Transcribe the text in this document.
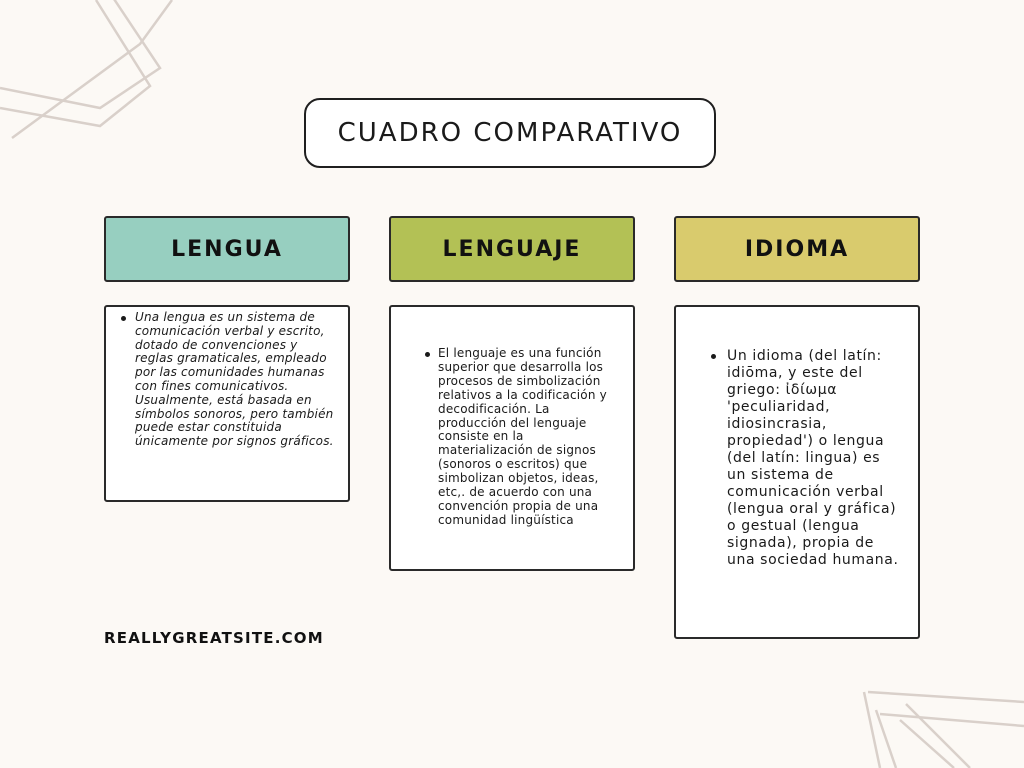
CUADRO COMPARATIVO
LENGUA	LENGUAJE	IDIOMA
Una lengua es un sistema de comunicación verbal y escrito, dotado de convenciones y reglas gramaticales, empleado por las comunidades humanas con fines comunicativos. Usualmente, está basada en símbolos sonoros, pero también puede estar constituida únicamente por signos gráficos.
El lenguaje es una función superior que desarrolla los procesos de simbolización relativos a la codificación y decodificación. La producción del lenguaje consiste en la materialización de signos (sonoros o escritos) que simbolizan objetos, ideas, etc,. de acuerdo con una convención propia de una comunidad lingüística
Un idioma (del latín: idiōma, y este del griego: ἰδίωμα 'peculiaridad, idiosincrasia, propiedad') o lengua (del latín: lingua) es un sistema de comunicación verbal (lengua oral y gráfica) o gestual (lengua signada), propia de una sociedad humana.
REALLYGREATSITE.COM
